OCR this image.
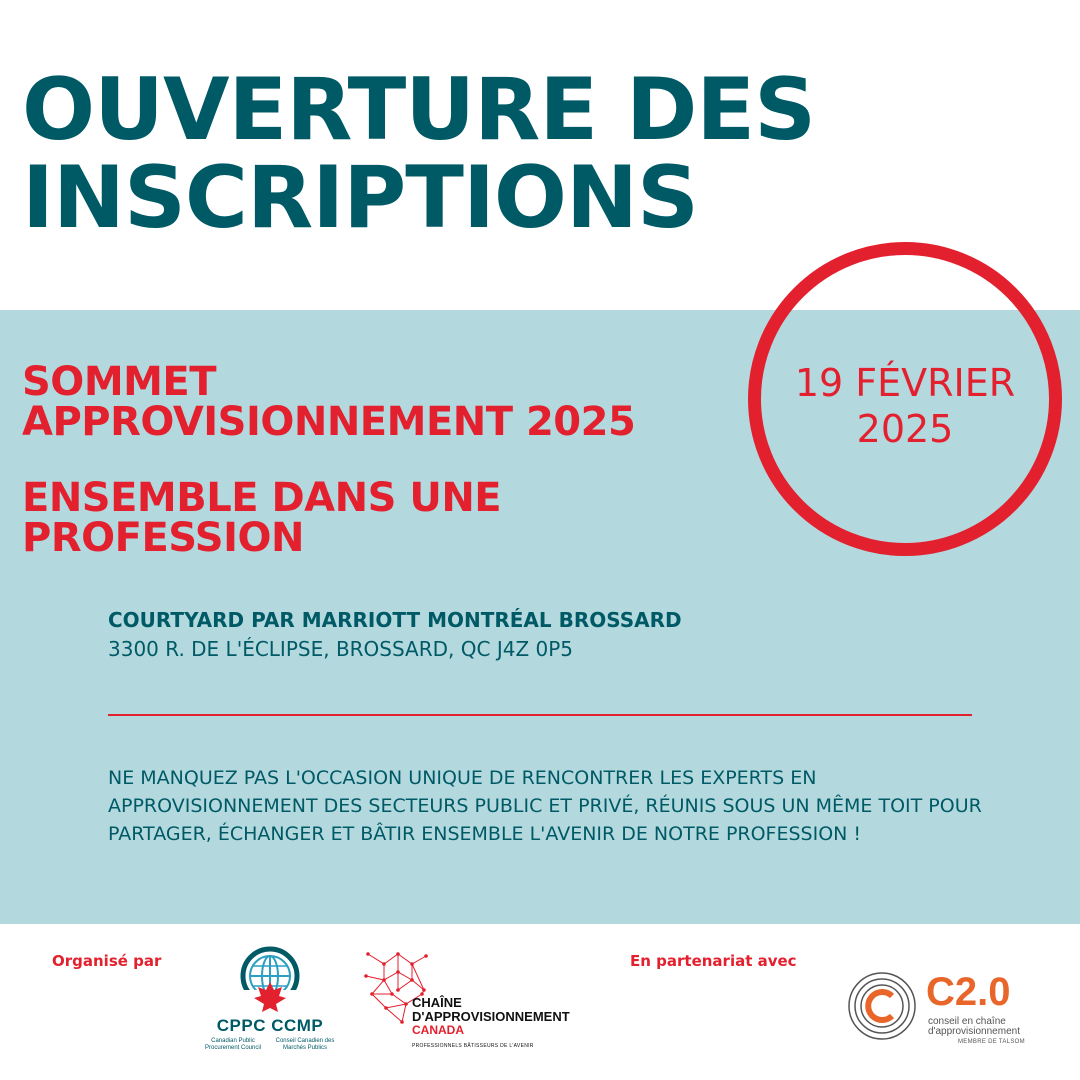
OUVERTURE DES
INSCRIPTIONS
19 FÉVRIER
2025
SOMMET
APPROVISIONNEMENT 2025
ENSEMBLE DANS UNE
PROFESSION
COURTYARD PAR MARRIOTT MONTRÉAL BROSSARD
3300 R. DE L'ÉCLIPSE, BROSSARD, QC J4Z 0P5

NE MANQUEZ PAS L'OCCASION UNIQUE DE RENCONTRER LES EXPERTS EN APPROVISIONNEMENT DES SECTEURS PUBLIC ET PRIVÉ, RÉUNIS SOUS UN MÊME TOIT POUR PARTAGER, ÉCHANGER ET BÂTIR ENSEMBLE L'AVENIR DE NOTRE PROFESSION !

Organisé par	En partenariat avec
CPPC CCMP
Canadian Public Procurement Council
Conseil Canadien des Marchés Publics
CHAÎNE
D'APPROVISIONNEMENT
CANADA
PROFESSIONNELS BÂTISSEURS DE L'AVENIR
C2.0
conseil en chaîne
d'approvisionnement
MEMBRE DE TALSOM
